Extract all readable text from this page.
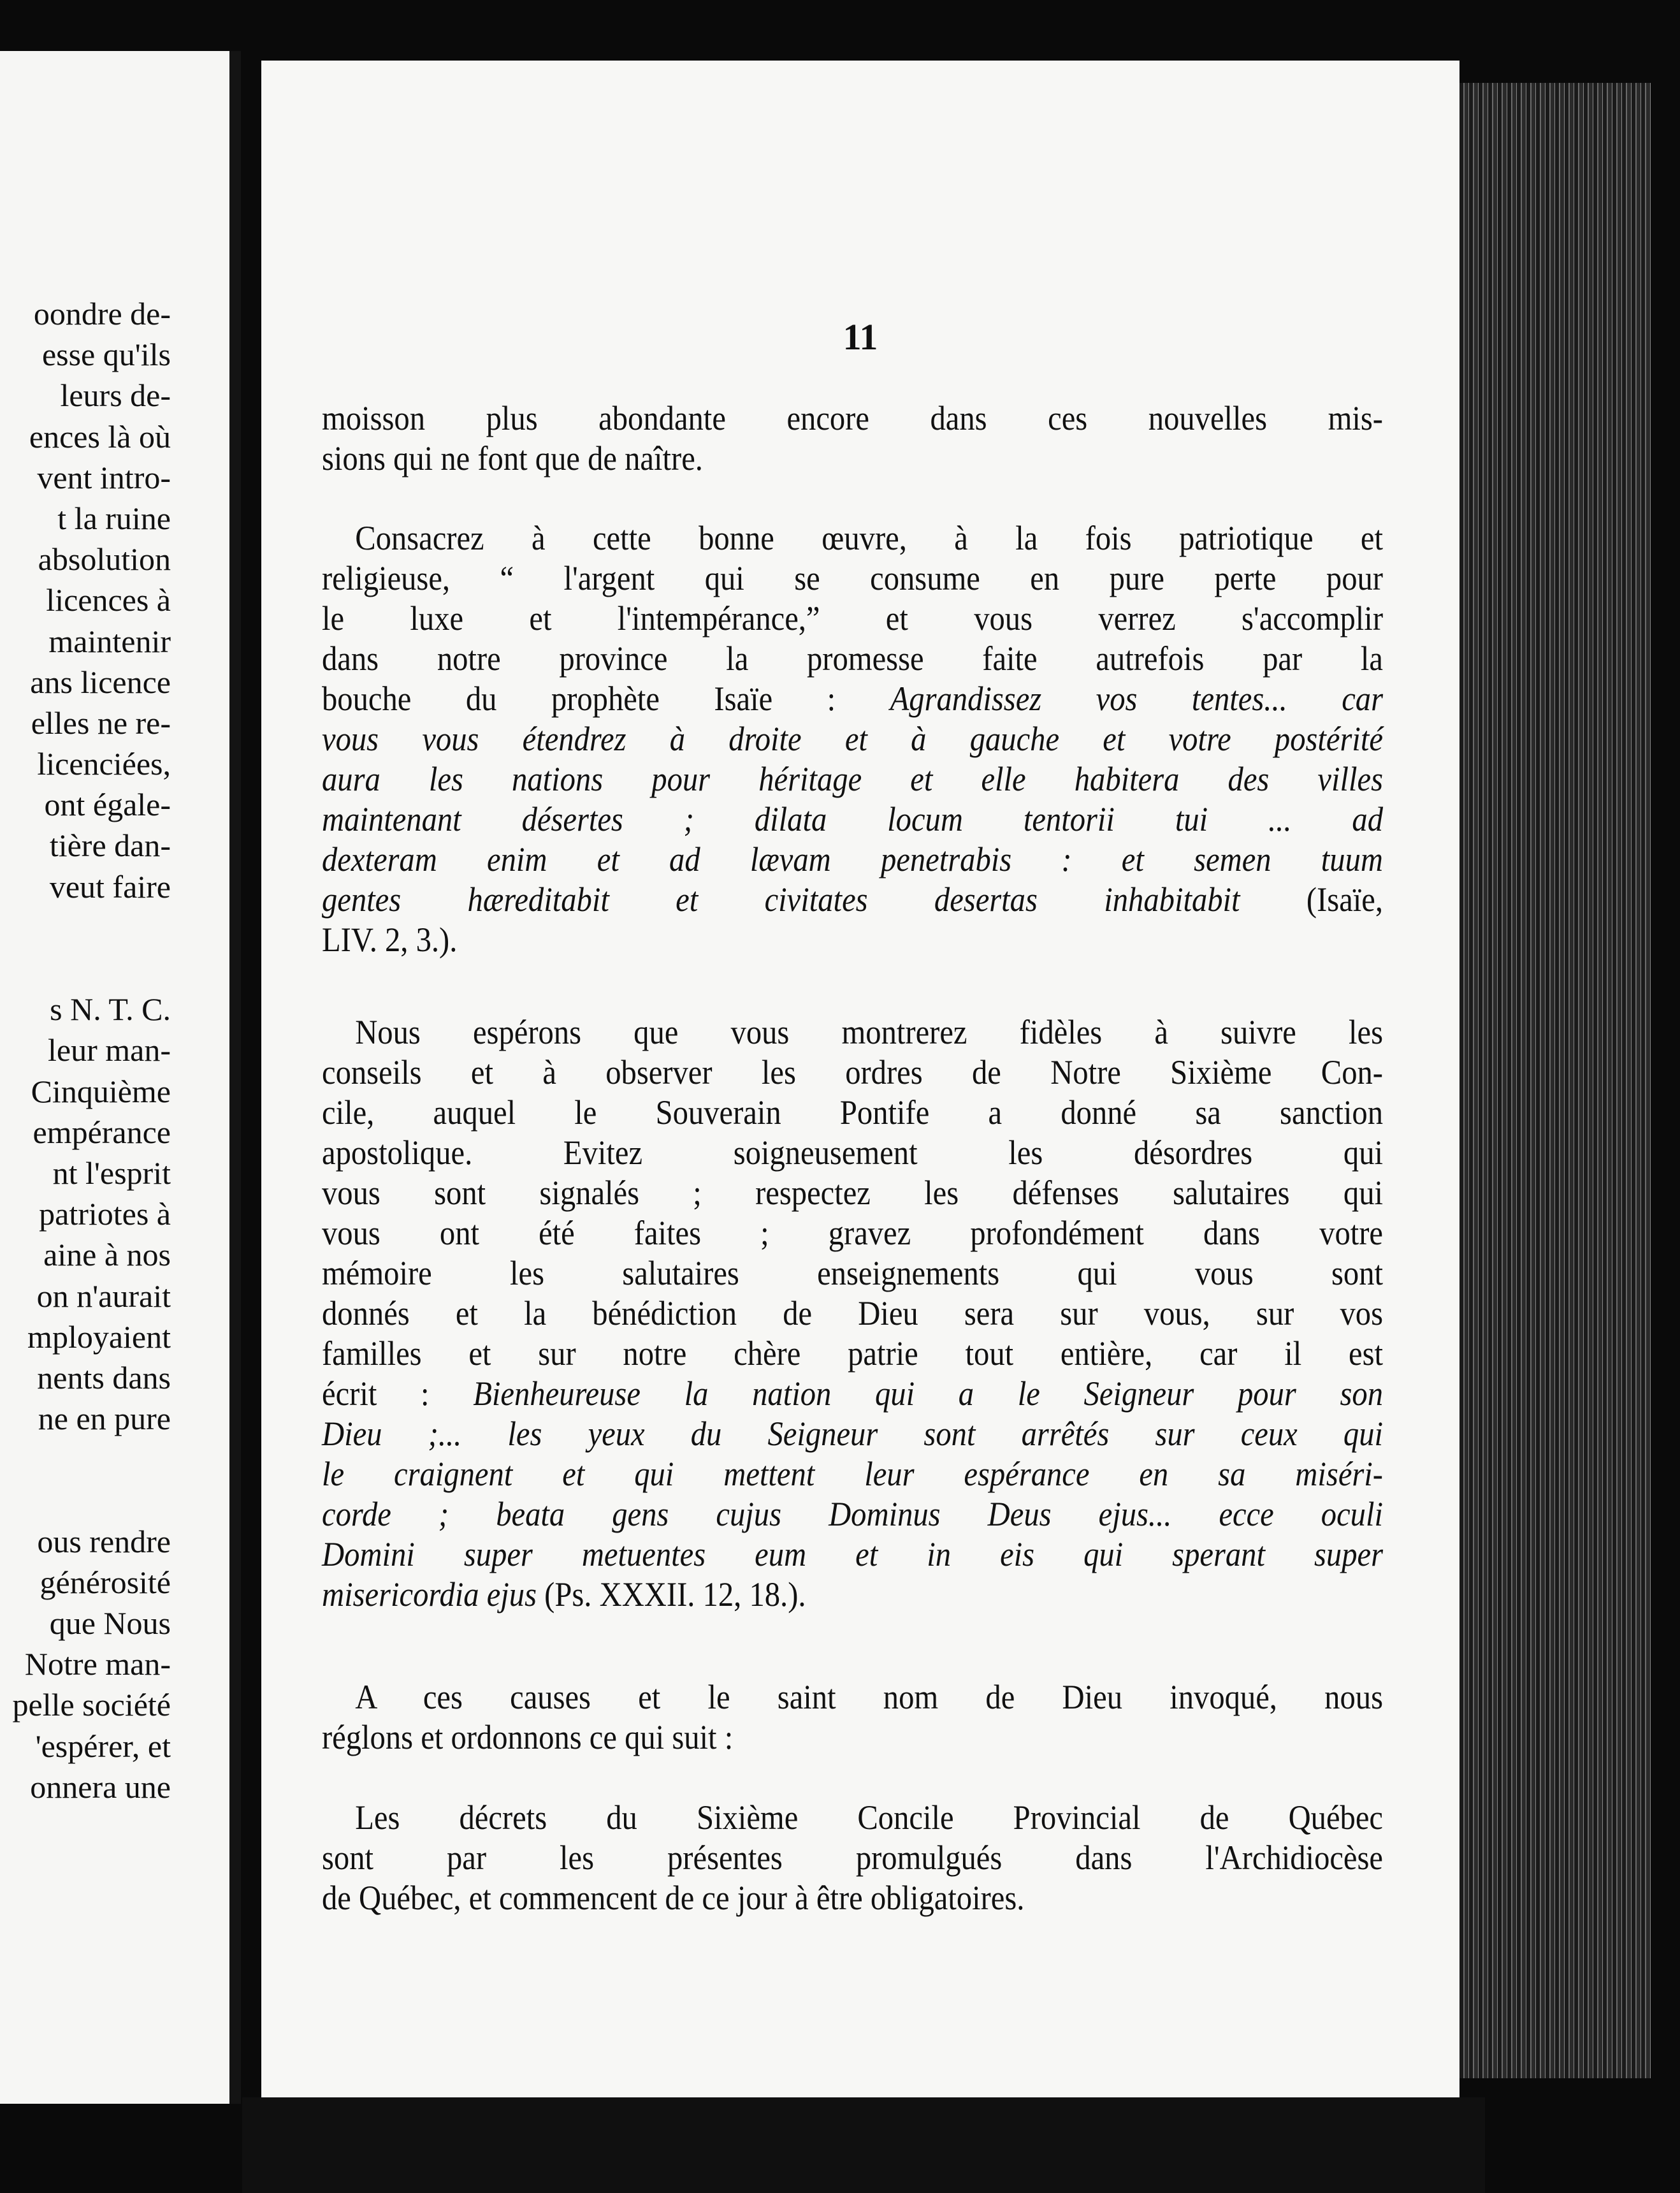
oondre de-
esse qu'ils
leurs de-
ences là où
vent intro-
t la ruine
absolution
licences à
maintenir
ans licence
elles ne re-
licenciées,
ont égale-
tière dan-
veut faire
s N. T. C.
leur man-
Cinquième
empérance
nt l'esprit
patriotes à
aine à nos
on n'aurait
mployaient
nents dans
ne en pure
ous rendre
générosité
que Nous
Notre man-
pelle société
'espérer, et
onnera une
11
moisson plus abondante encore dans ces nouvelles mis-
sions qui ne font que de naître.
Consacrez à cette bonne œuvre, à la fois patriotique et
religieuse, “ l'argent qui se consume en pure perte pour
le luxe et l'intempérance,” et vous verrez s'accomplir
dans notre province la promesse faite autrefois par la
bouche du prophète Isaïe : Agrandissez vos tentes... car
vous vous étendrez à droite et à gauche et votre postérité
aura les nations pour héritage et elle habitera des villes
maintenant désertes ; dilata locum tentorii tui ... ad
dexteram enim et ad lævam penetrabis : et semen tuum
gentes hæreditabit et civitates desertas inhabitabit (Isaïe,
LIV. 2, 3.).
Nous espérons que vous montrerez fidèles à suivre les
conseils et à observer les ordres de Notre Sixième Con-
cile, auquel le Souverain Pontife a donné sa sanction
apostolique. Evitez soigneusement les désordres qui
vous sont signalés ; respectez les défenses salutaires qui
vous ont été faites ; gravez profondément dans votre
mémoire les salutaires enseignements qui vous sont
donnés et la bénédiction de Dieu sera sur vous, sur vos
familles et sur notre chère patrie tout entière, car il est
écrit : Bienheureuse la nation qui a le Seigneur pour son
Dieu ;... les yeux du Seigneur sont arrêtés sur ceux qui
le craignent et qui mettent leur espérance en sa miséri-
corde ; beata gens cujus Dominus Deus ejus... ecce oculi
Domini super metuentes eum et in eis qui sperant super
misericordia ejus (Ps. XXXII. 12, 18.).
A ces causes et le saint nom de Dieu invoqué, nous
réglons et ordonnons ce qui suit :
Les décrets du Sixième Concile Provincial de Québec
sont par les présentes promulgués dans l'Archidiocèse
de Québec, et commencent de ce jour à être obligatoires.
